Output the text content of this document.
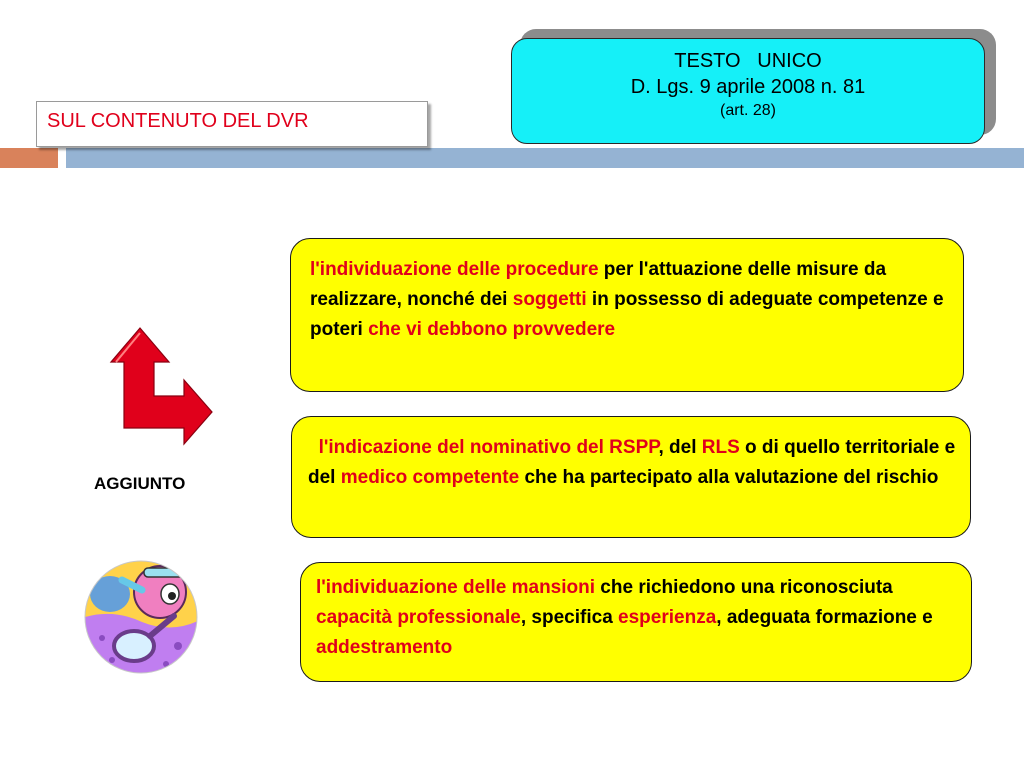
SUL CONTENUTO DEL DVR
TESTO   UNICO
D. Lgs. 9 aprile 2008 n. 81
(art. 28)
l'individuazione delle procedure per l'attuazione delle misure da realizzare, nonché dei soggetti in possesso di adeguate competenze e poteri che vi debbono provvedere
l'indicazione del nominativo del RSPP, del RLS o di quello territoriale e del medico competente che ha partecipato alla valutazione del rischio
l'individuazione delle mansioni che richiedono una riconosciuta capacità professionale, specifica esperienza, adeguata formazione e addestramento
AGGIUNTO
